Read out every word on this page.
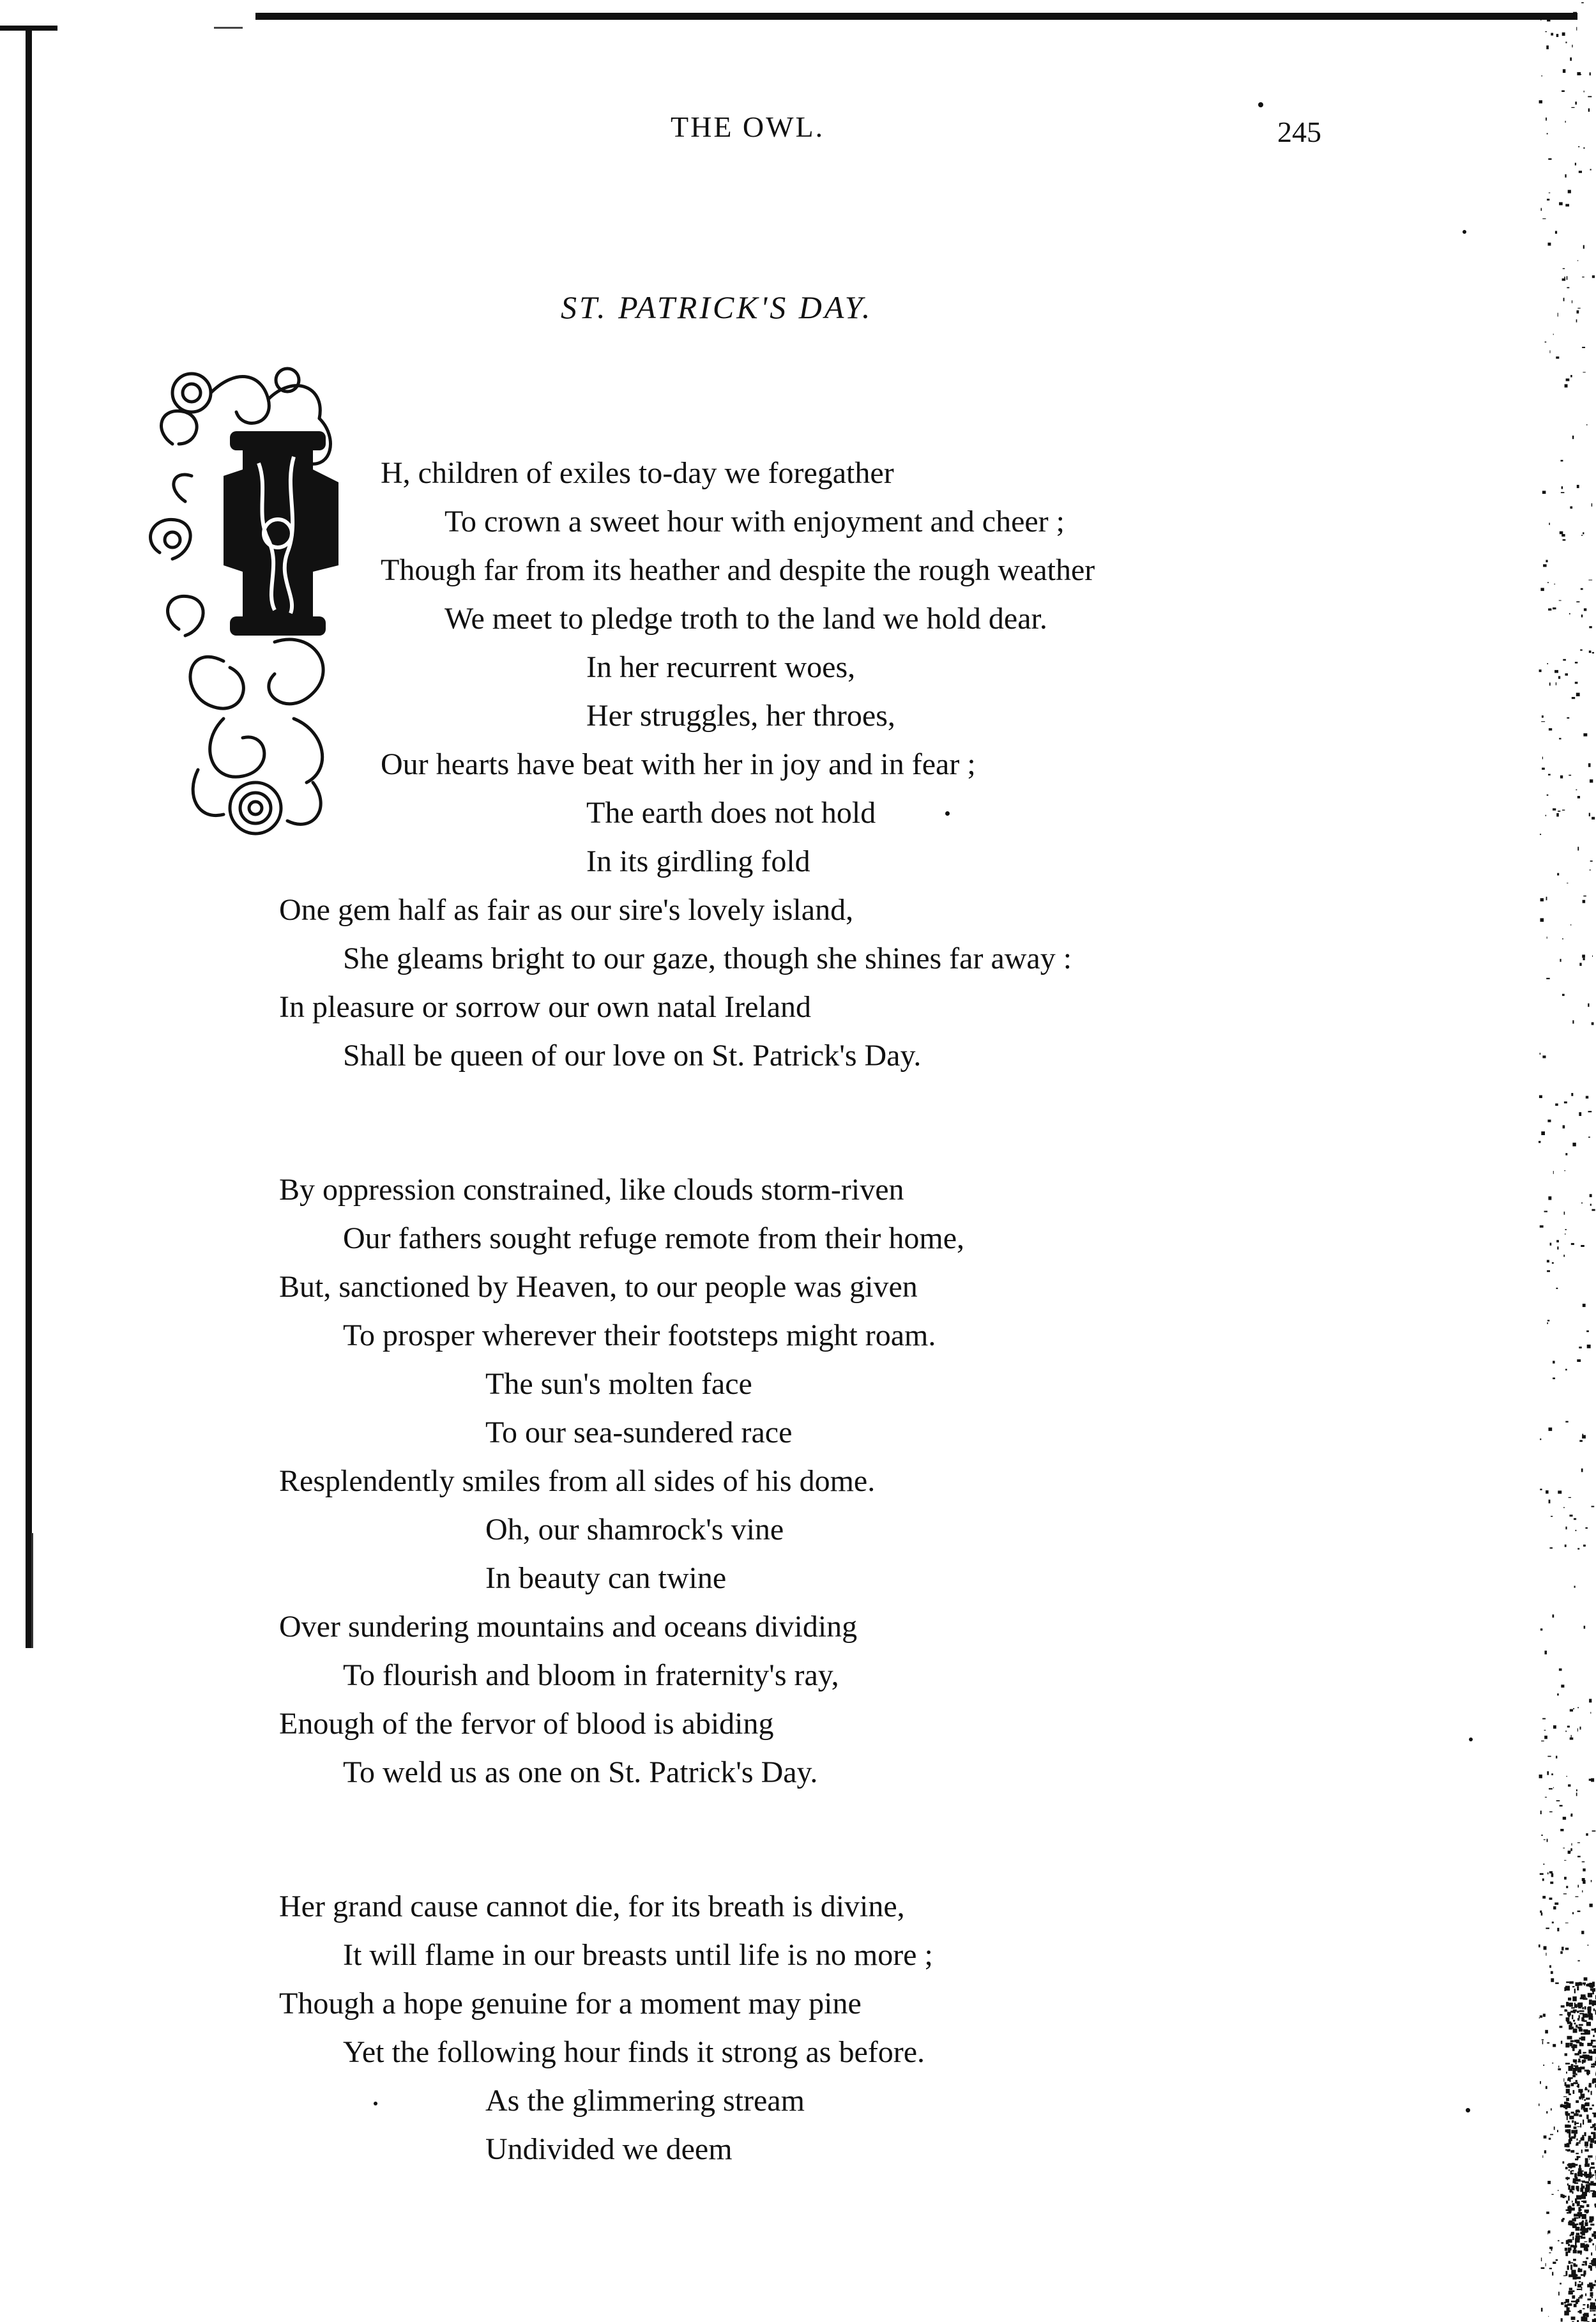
THE OWL.	245
ST. PATRICK'S DAY.
H, children of exiles to-day we foregather
To crown a sweet hour with enjoyment and cheer ;
Though far from its heather and despite the rough weather
We meet to pledge troth to the land we hold dear.
In her recurrent woes,
Her struggles, her throes,
Our hearts have beat with her in joy and in fear ;
The earth does not hold
In its girdling fold
One gem half as fair as our sire's lovely island,
She gleams bright to our gaze, though she shines far away :
In pleasure or sorrow our own natal Ireland
Shall be queen of our love on St. Patrick's Day.
By oppression constrained, like clouds storm-riven
Our fathers sought refuge remote from their home,
But, sanctioned by Heaven, to our people was given
To prosper wherever their footsteps might roam.
The sun's molten face
To our sea-sundered race
Resplendently smiles from all sides of his dome.
Oh, our shamrock's vine
In beauty can twine
Over sundering mountains and oceans dividing
To flourish and bloom in fraternity's ray,
Enough of the fervor of blood is abiding
To weld us as one on St. Patrick's Day.
Her grand cause cannot die, for its breath is divine,
It will flame in our breasts until life is no more ;
Though a hope genuine for a moment may pine
Yet the following hour finds it strong as before.
As the glimmering stream
Undivided we deem
